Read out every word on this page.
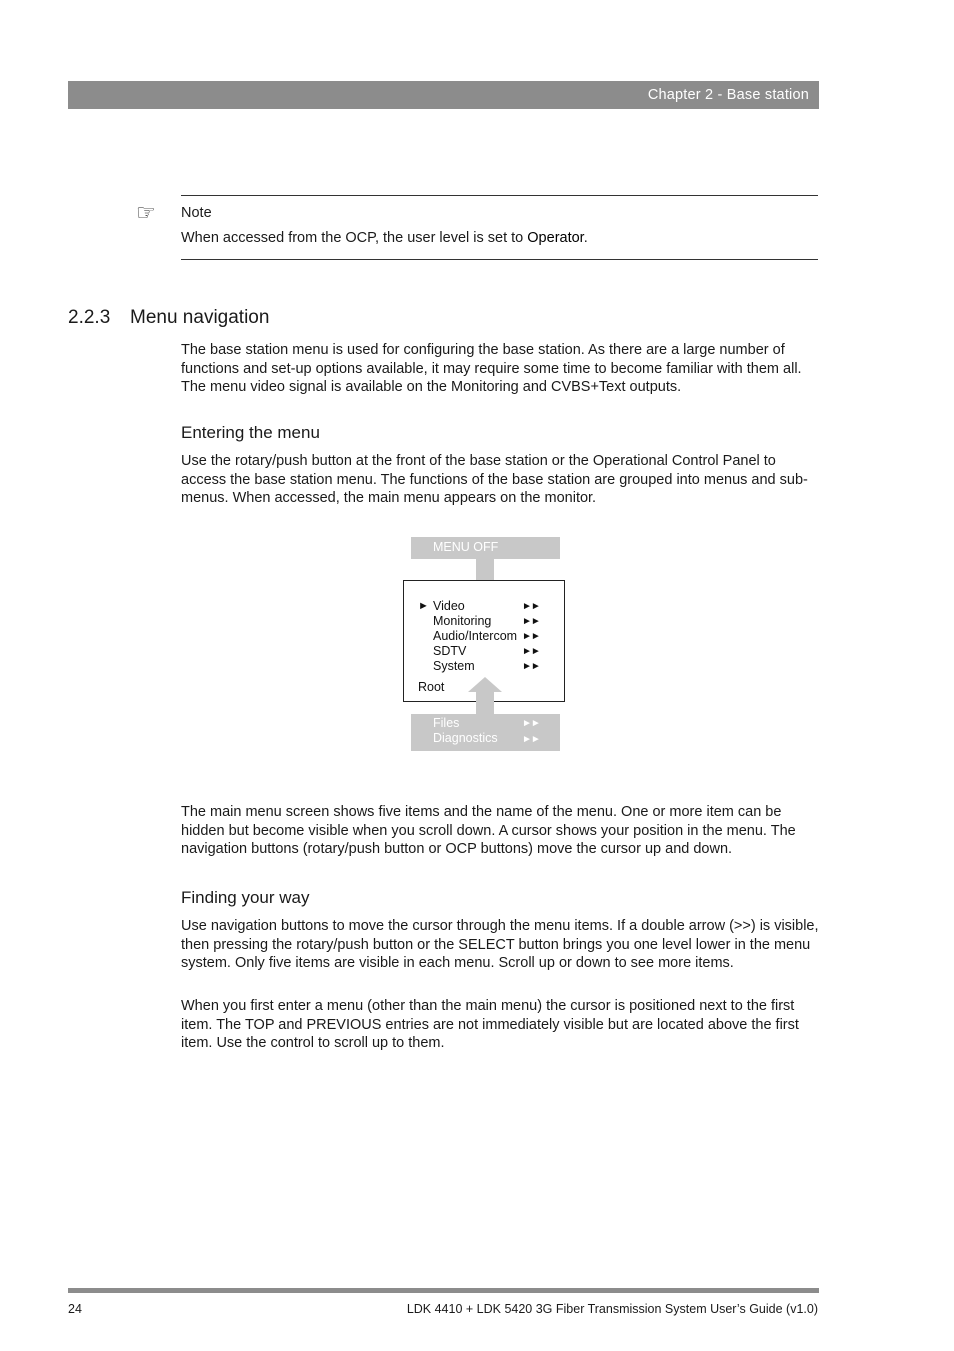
Chapter 2 - Base station
☞ Note
When accessed from the OCP, the user level is set to Operator.
2.2.3 Menu navigation

The base station menu is used for configuring the base station. As there are a large number of functions and set-up options available, it may require some time to become familiar with them all. The menu video signal is available on the Monitoring and CVBS+Text outputs.

Entering the menu

Use the rotary/push button at the front of the base station or the Operational Control Panel to access the base station menu. The functions of the base station are grouped into menus and sub-menus. When accessed, the main menu appears on the monitor.

MENU OFF
► Video
Monitoring
Audio/Intercom
SDTV
System
►►
►►
►►
►►
►►
Root
Files
Diagnostics
►►
►►

The main menu screen shows five items and the name of the menu. One or more item can be hidden but become visible when you scroll down. A cursor shows your position in the menu. The navigation buttons (rotary/push button or OCP buttons) move the cursor up and down.

Finding your way

Use navigation buttons to move the cursor through the menu items. If a double arrow (>>) is visible, then pressing the rotary/push button or the SELECT button brings you one level lower in the menu system. Only five items are visible in each menu. Scroll up or down to see more items.

When you first enter a menu (other than the main menu) the cursor is positioned next to the first item. The TOP and PREVIOUS entries are not immediately visible but are located above the first item. Use the control to scroll up to them.

24	LDK 4410 + LDK 5420 3G Fiber Transmission System User’s Guide (v1.0)
